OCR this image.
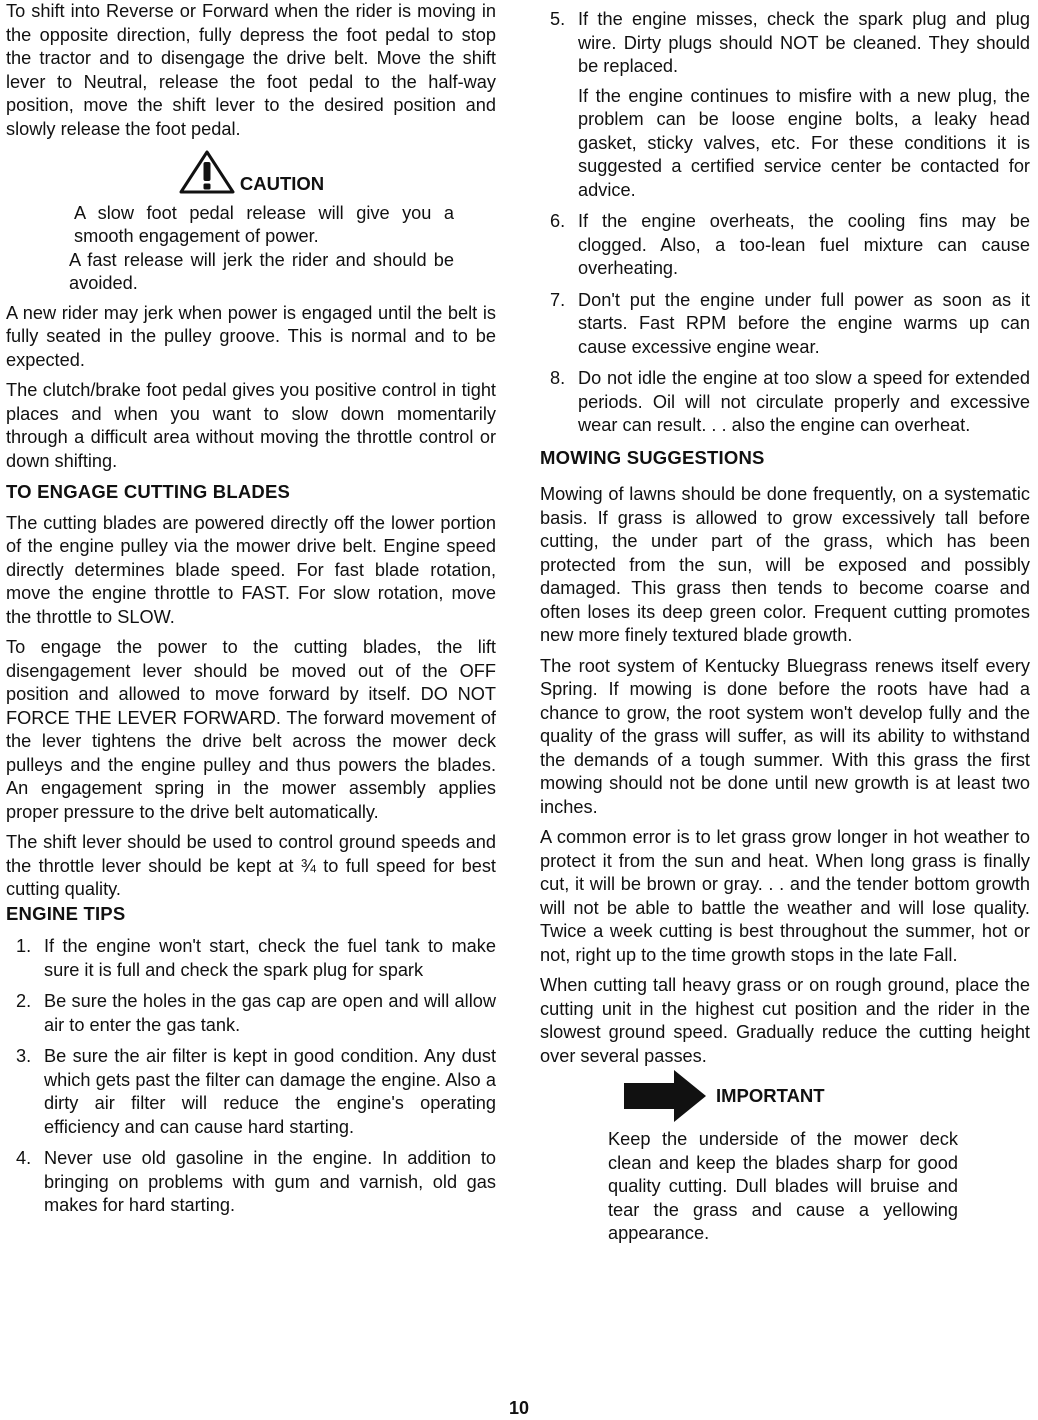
To shift into Reverse or Forward when the rider is moving in the opposite direction, fully depress the foot pedal to stop the tractor and to disengage the drive belt. Move the shift lever to Neutral, release the foot pedal to the half-way position, move the shift lever to the desired position and slowly release the foot pedal.

CAUTION

A slow foot pedal release will give you a smooth engagement of power.

A fast release will jerk the rider and should be avoided.

A new rider may jerk when power is engaged until the belt is fully seated in the pulley groove. This is normal and to be expected.

The clutch/brake foot pedal gives you positive control in tight places and when you want to slow down momentarily through a difficult area without moving the throttle control or down shifting.

TO ENGAGE CUTTING BLADES

The cutting blades are powered directly off the lower portion of the engine pulley via the mower drive belt. Engine speed directly determines blade speed. For fast blade rotation, move the engine throttle to FAST. For slow rotation, move the throttle to SLOW.

To engage the power to the cutting blades, the lift disengagement lever should be moved out of the OFF position and allowed to move forward by itself. DO NOT FORCE THE LEVER FORWARD. The forward movement of the lever tightens the drive belt across the mower deck pulleys and the engine pulley and thus powers the blades. An engagement spring in the mower assembly applies proper pressure to the drive belt automatically.

The shift lever should be used to control ground speeds and the throttle lever should be kept at ¾ to full speed for best cutting quality.

ENGINE TIPS
1. If the engine won't start, check the fuel tank to make sure it is full and check the spark plug for spark

2. Be sure the holes in the gas cap are open and will allow air to enter the gas tank.

3. Be sure the air filter is kept in good condition. Any dust which gets past the filter can damage the engine. Also a dirty air filter will reduce the engine's operating efficiency and can cause hard starting.

4. Never use old gasoline in the engine. In addition to bringing on problems with gum and varnish, old gas makes for hard starting.

5. If the engine misses, check the spark plug and plug wire. Dirty plugs should NOT be cleaned. They should be replaced.

If the engine continues to misfire with a new plug, the problem can be loose engine bolts, a leaky head gasket, sticky valves, etc. For these conditions it is suggested a certified service center be contacted for advice.

6. If the engine overheats, the cooling fins may be clogged. Also, a too-lean fuel mixture can cause overheating.

7. Don't put the engine under full power as soon as it starts. Fast RPM before the engine warms up can cause excessive engine wear.

8. Do not idle the engine at too slow a speed for extended periods. Oil will not circulate properly and excessive wear can result. . . also the engine can overheat.

MOWING SUGGESTIONS

Mowing of lawns should be done frequently, on a systematic basis. If grass is allowed to grow excessively tall before cutting, the under part of the grass, which has been protected from the sun, will be exposed and possibly damaged. This grass then tends to become coarse and often loses its deep green color. Frequent cutting promotes new more finely textured blade growth.

The root system of Kentucky Bluegrass renews itself every Spring. If mowing is done before the roots have had a chance to grow, the root system won't develop fully and the quality of the grass will suffer, as will its ability to withstand the demands of a tough summer. With this grass the first mowing should not be done until new growth is at least two inches.

A common error is to let grass grow longer in hot weather to protect it from the sun and heat. When long grass is finally cut, it will be brown or gray. . . and the tender bottom growth will not be able to battle the weather and will lose quality. Twice a week cutting is best throughout the summer, hot or not, right up to the time growth stops in the late Fall.

When cutting tall heavy grass or on rough ground, place the cutting unit in the highest cut position and the rider in the slowest ground speed. Gradually reduce the cutting height over several passes.

IMPORTANT

Keep the underside of the mower deck clean and keep the blades sharp for good quality cutting. Dull blades will bruise and tear the grass and cause a yellowing appearance.

10
